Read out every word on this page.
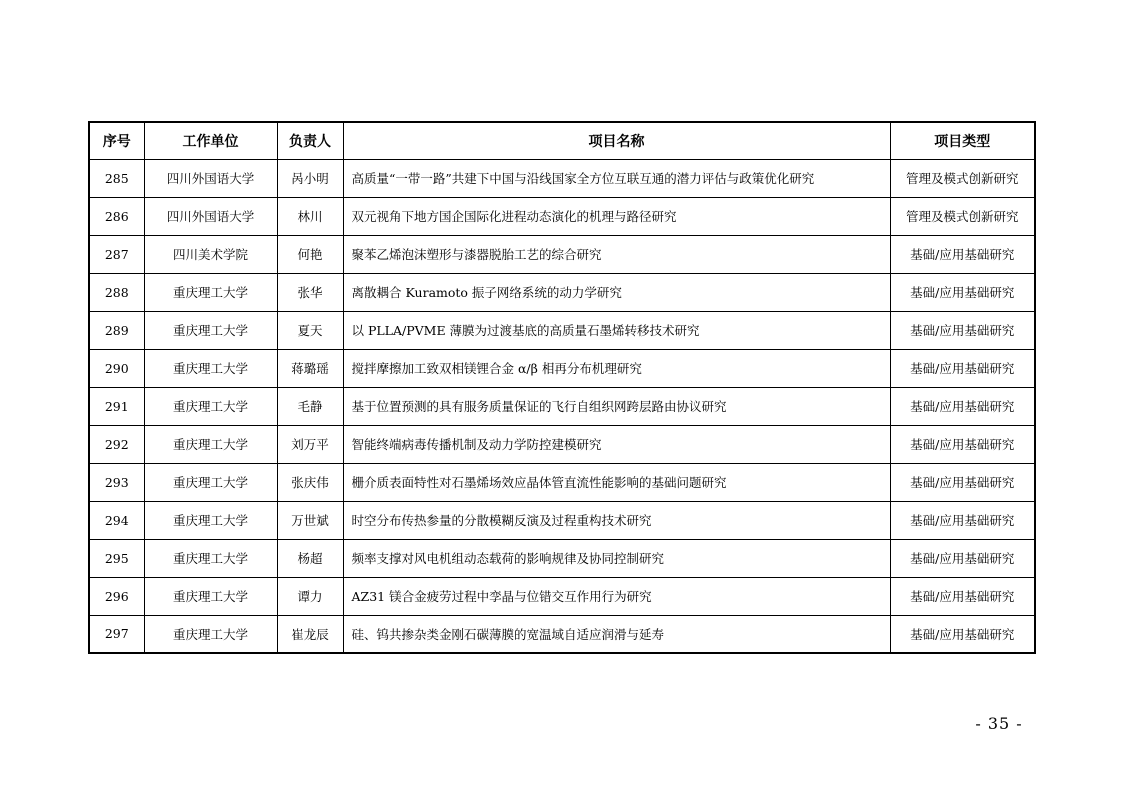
序号	工作单位	负责人	项目名称	项目类型
285	四川外国语大学	呙小明	高质量“一带一路”共建下中国与沿线国家全方位互联互通的潜力评估与政策优化研究	管理及模式创新研究
286	四川外国语大学	林川	双元视角下地方国企国际化进程动态演化的机理与路径研究	管理及模式创新研究
287	四川美术学院	何艳	聚苯乙烯泡沫塑形与漆器脱胎工艺的综合研究	基础/应用基础研究
288	重庆理工大学	张华	离散耦合 Kuramoto 振子网络系统的动力学研究	基础/应用基础研究
289	重庆理工大学	夏天	以 PLLA/PVME 薄膜为过渡基底的高质量石墨烯转移技术研究	基础/应用基础研究
290	重庆理工大学	蒋璐瑶	搅拌摩擦加工致双相镁锂合金 α/β 相再分布机理研究	基础/应用基础研究
291	重庆理工大学	毛静	基于位置预测的具有服务质量保证的飞行自组织网跨层路由协议研究	基础/应用基础研究
292	重庆理工大学	刘万平	智能终端病毒传播机制及动力学防控建模研究	基础/应用基础研究
293	重庆理工大学	张庆伟	栅介质表面特性对石墨烯场效应晶体管直流性能影响的基础问题研究	基础/应用基础研究
294	重庆理工大学	万世斌	时空分布传热参量的分散模糊反演及过程重构技术研究	基础/应用基础研究
295	重庆理工大学	杨超	频率支撑对风电机组动态载荷的影响规律及协同控制研究	基础/应用基础研究
296	重庆理工大学	谭力	AZ31 镁合金疲劳过程中孪晶与位错交互作用行为研究	基础/应用基础研究
297	重庆理工大学	崔龙辰	硅、钨共掺杂类金刚石碳薄膜的宽温域自适应润滑与延寿	基础/应用基础研究
- 35 -
